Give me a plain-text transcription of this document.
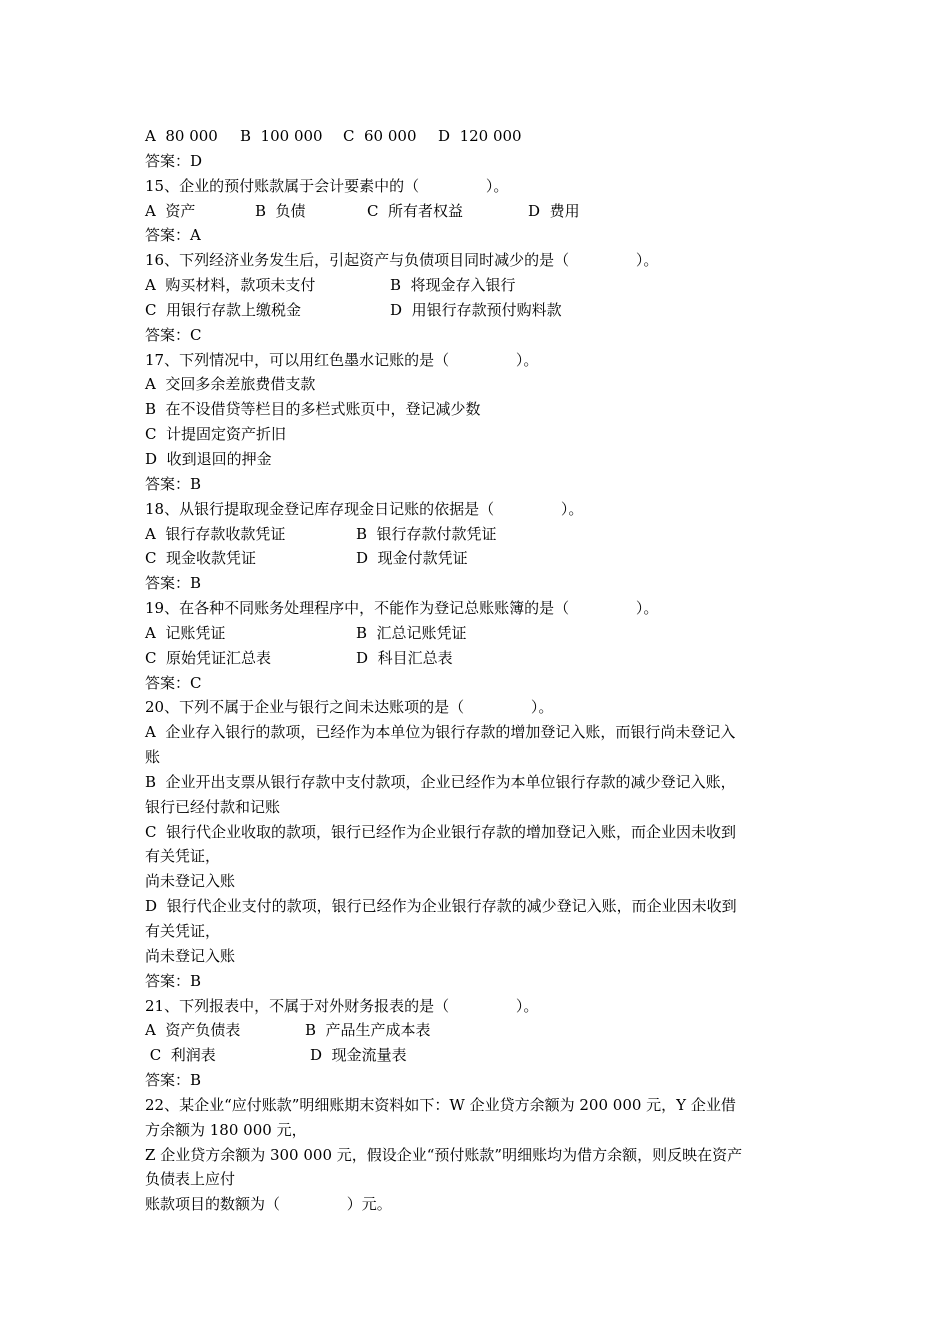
A  80 000 B  100 000 C  60 000 D  120 000
答案：D
15、企业的预付账款属于会计要素中的（              ）。
A  资产	B  负债	C  所有者权益	D  费用
答案：A
16、下列经济业务发生后，引起资产与负债项目同时减少的是（              ）。
A  购买材料，款项未支付	B  将现金存入银行
C  用银行存款上缴税金	D  用银行存款预付购料款
答案：C
17、下列情况中，可以用红色墨水记账的是（              ）。
A  交回多余差旅费借支款
B  在不设借贷等栏目的多栏式账页中，登记减少数
C  计提固定资产折旧
D  收到退回的押金
答案：B
18、从银行提取现金登记库存现金日记账的依据是（              ）。
A  银行存款收款凭证	B  银行存款付款凭证
C  现金收款凭证	D  现金付款凭证
答案：B
19、在各种不同账务处理程序中，不能作为登记总账账簿的是（              ）。
A  记账凭证	B  汇总记账凭证
C  原始凭证汇总表	D  科目汇总表
答案：C
20、下列不属于企业与银行之间未达账项的是（              ）。
A  企业存入银行的款项，已经作为本单位为银行存款的增加登记入账，而银行尚未登记入
账
B  企业开出支票从银行存款中支付款项，企业已经作为本单位银行存款的减少登记入账，
银行已经付款和记账
C  银行代企业收取的款项，银行已经作为企业银行存款的增加登记入账，而企业因未收到
有关凭证，
尚未登记入账
D  银行代企业支付的款项，银行已经作为企业银行存款的减少登记入账，而企业因未收到
有关凭证，
尚未登记入账
答案：B
21、下列报表中，不属于对外财务报表的是（              ）。
A  资产负债表	B  产品生产成本表
C  利润表	D  现金流量表
答案：B
22、某企业“应付账款”明细账期末资料如下：W 企业贷方余额为 200 000 元，Y 企业借
方余额为 180 000 元，
Z 企业贷方余额为 300 000 元，假设企业“预付账款”明细账均为借方余额，则反映在资产
负债表上应付
账款项目的数额为（              ）元。
